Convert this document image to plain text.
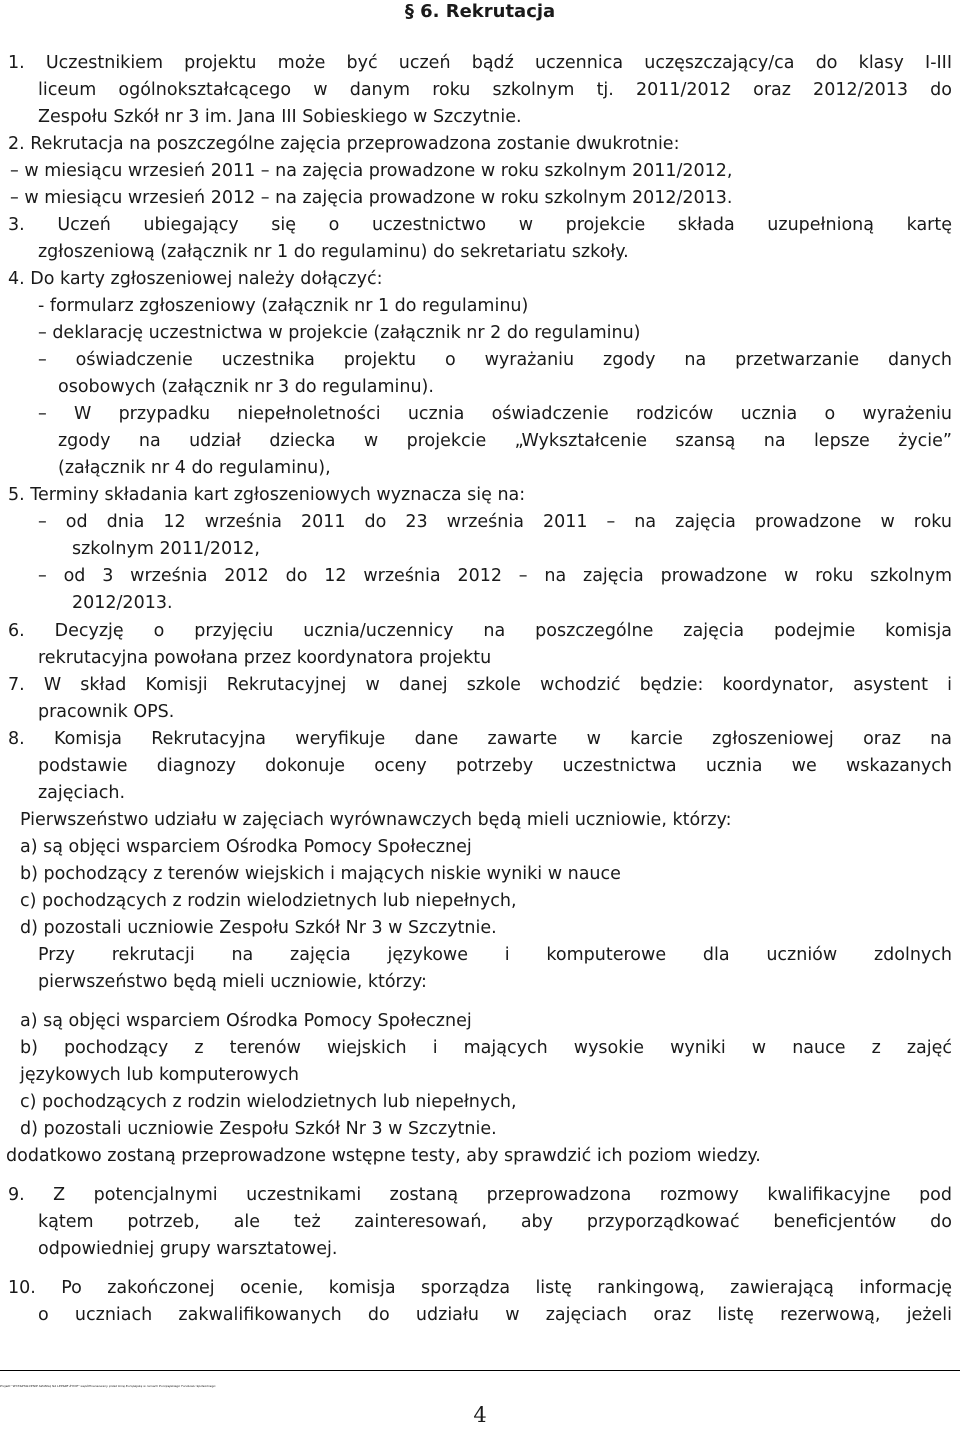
§ 6. Rekrutacja
1. Uczestnikiem projektu może być uczeń bądź uczennica uczęszczający/ca do klasy I-III
liceum ogólnokształcącego w danym roku szkolnym tj. 2011/2012 oraz 2012/2013 do
Zespołu Szkół nr 3 im. Jana III Sobieskiego w Szczytnie.
2. Rekrutacja na poszczególne zajęcia przeprowadzona zostanie dwukrotnie:
– w miesiącu wrzesień 2011 – na zajęcia prowadzone w roku szkolnym 2011/2012,
– w miesiącu wrzesień 2012 – na zajęcia prowadzone w roku szkolnym 2012/2013.
3. Uczeń ubiegający się o uczestnictwo w projekcie składa uzupełnioną kartę
zgłoszeniową (załącznik nr 1 do regulaminu) do sekretariatu szkoły.
4. Do karty zgłoszeniowej należy dołączyć:
- formularz zgłoszeniowy (załącznik nr 1 do regulaminu)
– deklarację uczestnictwa w projekcie (załącznik nr 2 do regulaminu)
– oświadczenie uczestnika projektu o wyrażaniu zgody na przetwarzanie danych
osobowych (załącznik nr 3 do regulaminu).
– W przypadku niepełnoletności ucznia oświadczenie rodziców ucznia o wyrażeniu
zgody na udział dziecka w projekcie „Wykształcenie szansą na lepsze życie”
(załącznik nr 4 do regulaminu),
5. Terminy składania kart zgłoszeniowych wyznacza się na:
– od dnia 12 września 2011 do 23 września 2011 – na zajęcia prowadzone w roku
szkolnym 2011/2012,
– od 3 września 2012 do 12 września 2012 – na zajęcia prowadzone w roku szkolnym
2012/2013.
6. Decyzję o przyjęciu ucznia/uczennicy na poszczególne zajęcia podejmie komisja
rekrutacyjna powołana przez koordynatora projektu
7. W skład Komisji Rekrutacyjnej w danej szkole wchodzić będzie: koordynator, asystent i
pracownik OPS.
8. Komisja Rekrutacyjna weryfikuje dane zawarte w karcie zgłoszeniowej oraz na
podstawie diagnozy dokonuje oceny potrzeby uczestnictwa ucznia we wskazanych
zajęciach.
Pierwszeństwo udziału w zajęciach wyrównawczych będą mieli uczniowie, którzy:
a) są objęci wsparciem Ośrodka Pomocy Społecznej
b) pochodzący z terenów wiejskich i mających niskie wyniki w nauce
c) pochodzących z rodzin wielodzietnych lub niepełnych,
d) pozostali uczniowie Zespołu Szkół Nr 3 w Szczytnie.
Przy rekrutacji na zajęcia językowe i komputerowe dla uczniów zdolnych
pierwszeństwo będą mieli uczniowie, którzy:
a) są objęci wsparciem Ośrodka Pomocy Społecznej
b) pochodzący z terenów wiejskich i mających wysokie wyniki w nauce z zajęć
językowych lub komputerowych
c) pochodzących z rodzin wielodzietnych lub niepełnych,
d) pozostali uczniowie Zespołu Szkół Nr 3 w Szczytnie.
dodatkowo zostaną przeprowadzone wstępne testy, aby sprawdzić ich poziom wiedzy.
9. Z potencjalnymi uczestnikami zostaną przeprowadzona rozmowy kwalifikacyjne pod
kątem potrzeb, ale też zainteresowań, aby przyporządkować beneficjentów do
odpowiedniej grupy warsztatowej.
10. Po zakończonej ocenie, komisja sporządza listę rankingową, zawierającą informację
o uczniach zakwalifikowanych do udziału w zajęciach oraz listę rezerwową, jeżeli
Projekt "WYKSZTAŁCENIE SZANSĄ NA LEPSZE ŻYCIE" współfinansowany przez Unię Europejską w ramach Europejskiego Funduszu Społecznego
4
